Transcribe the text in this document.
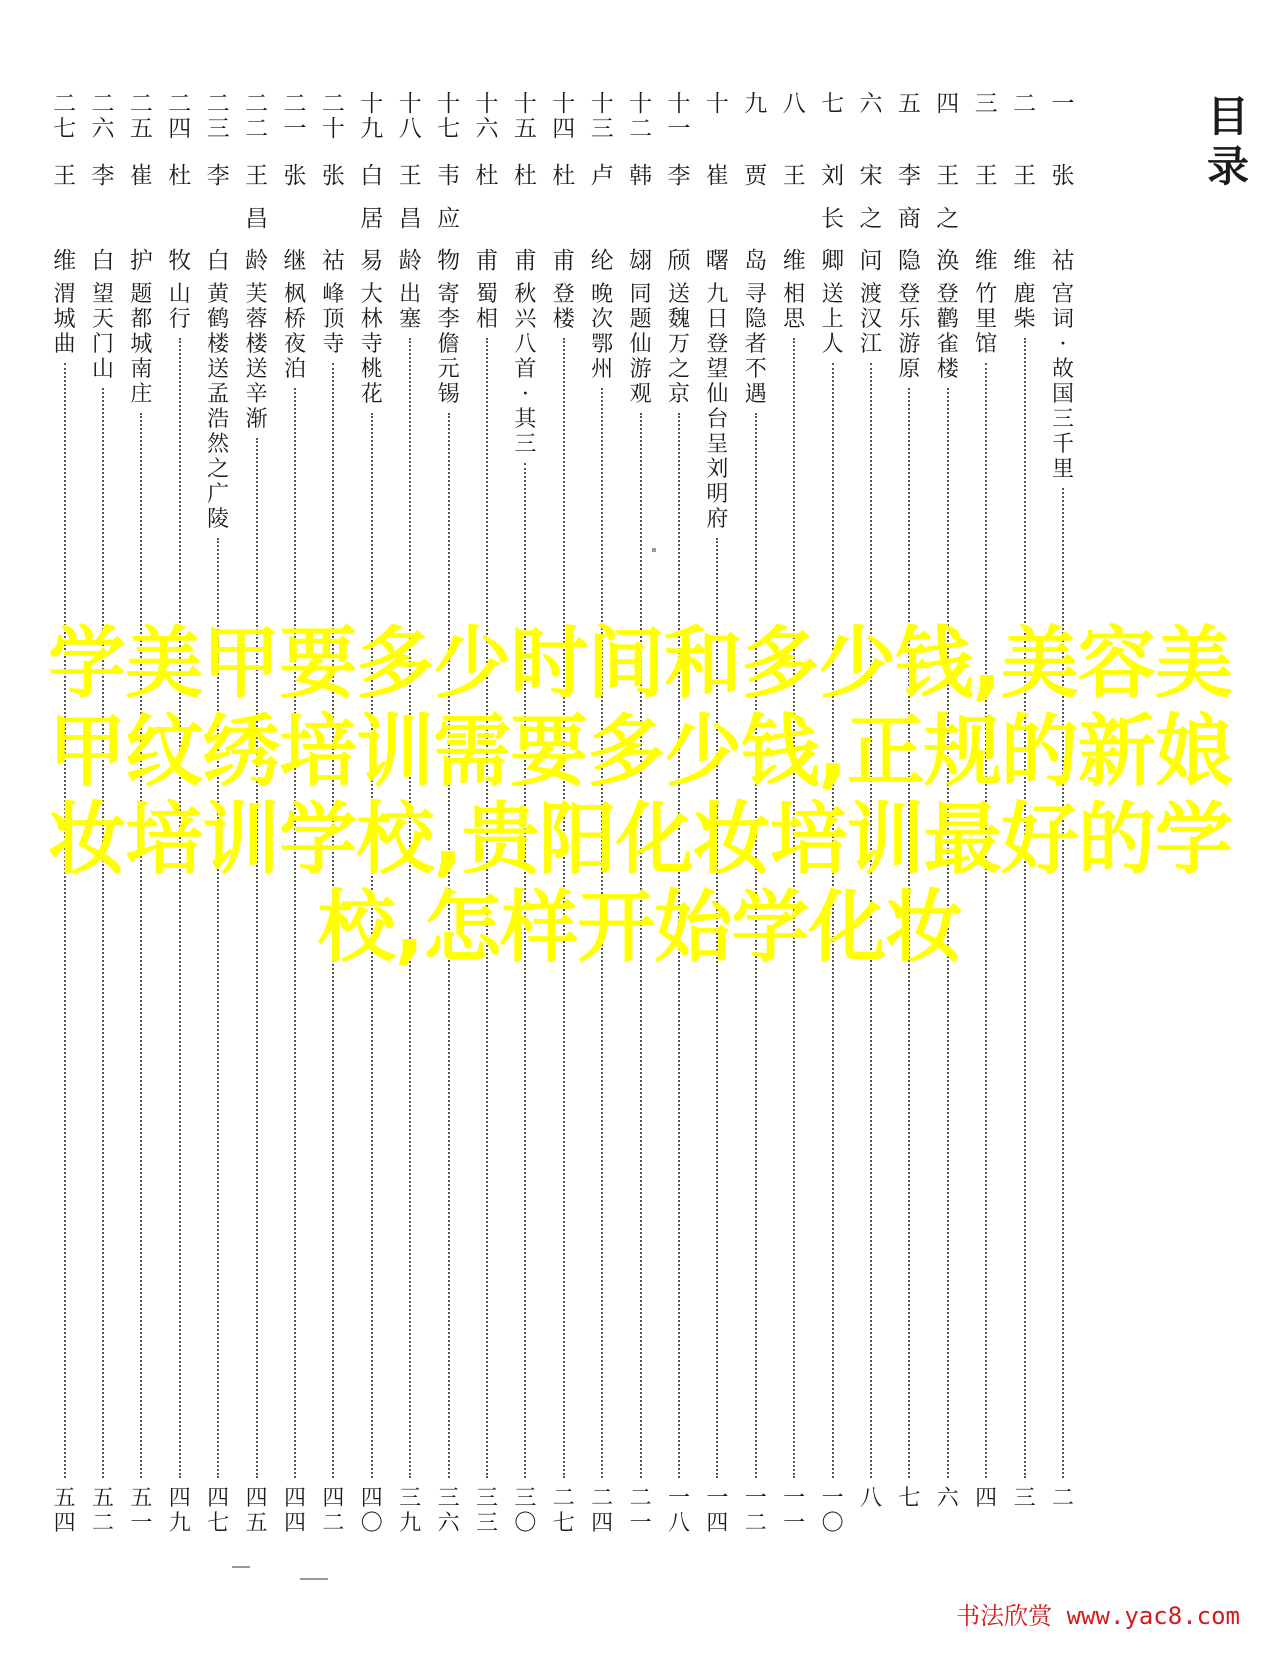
目
录
一
张
祜
宫
词
·
故
国
三
千
里
二
二
王
维
鹿
柴
三
三
王
维
竹
里
馆
四
四
王
之
涣
登
鹳
雀
楼
六
五
李
商
隐
登
乐
游
原
七
六
宋
之
问
渡
汉
江
八
七
刘
长
卿
送
上
人
一
〇
八
王
维
相
思
一
一
九
贾
岛
寻
隐
者
不
遇
一
二
十
崔
曙
九
日
登
望
仙
台
呈
刘
明
府
一
四
十
一
李
颀
送
魏
万
之
京
一
八
十
二
韩
翃
同
题
仙
游
观
二
一
十
三
卢
纶
晚
次
鄂
州
二
四
十
四
杜
甫
登
楼
二
七
十
五
杜
甫
秋
兴
八
首
·
其
三
三
〇
十
六
杜
甫
蜀
相
三
三
十
七
韦
应
物
寄
李
儋
元
锡
三
六
十
八
王
昌
龄
出
塞
三
九
十
九
白
居
易
大
林
寺
桃
花
四
〇
二
十
张
祜
峰
顶
寺
四
二
二
一
张
继
枫
桥
夜
泊
四
四
二
二
王
昌
龄
芙
蓉
楼
送
辛
渐
四
五
二
三
李
白
黄
鹤
楼
送
孟
浩
然
之
广
陵
四
七
二
四
杜
牧
山
行
四
九
二
五
崔
护
题
都
城
南
庄
五
一
二
六
李
白
望
天
门
山
五
二
二
七
王
维
渭
城
曲
五
四
学美甲要多少时间和多少钱,美容美甲纹绣培训需要多少钱,正规的新娘妆培训学校,贵阳化妆培训最好的学校,怎样开始学化妆
书法欣赏 www.yac8.com
